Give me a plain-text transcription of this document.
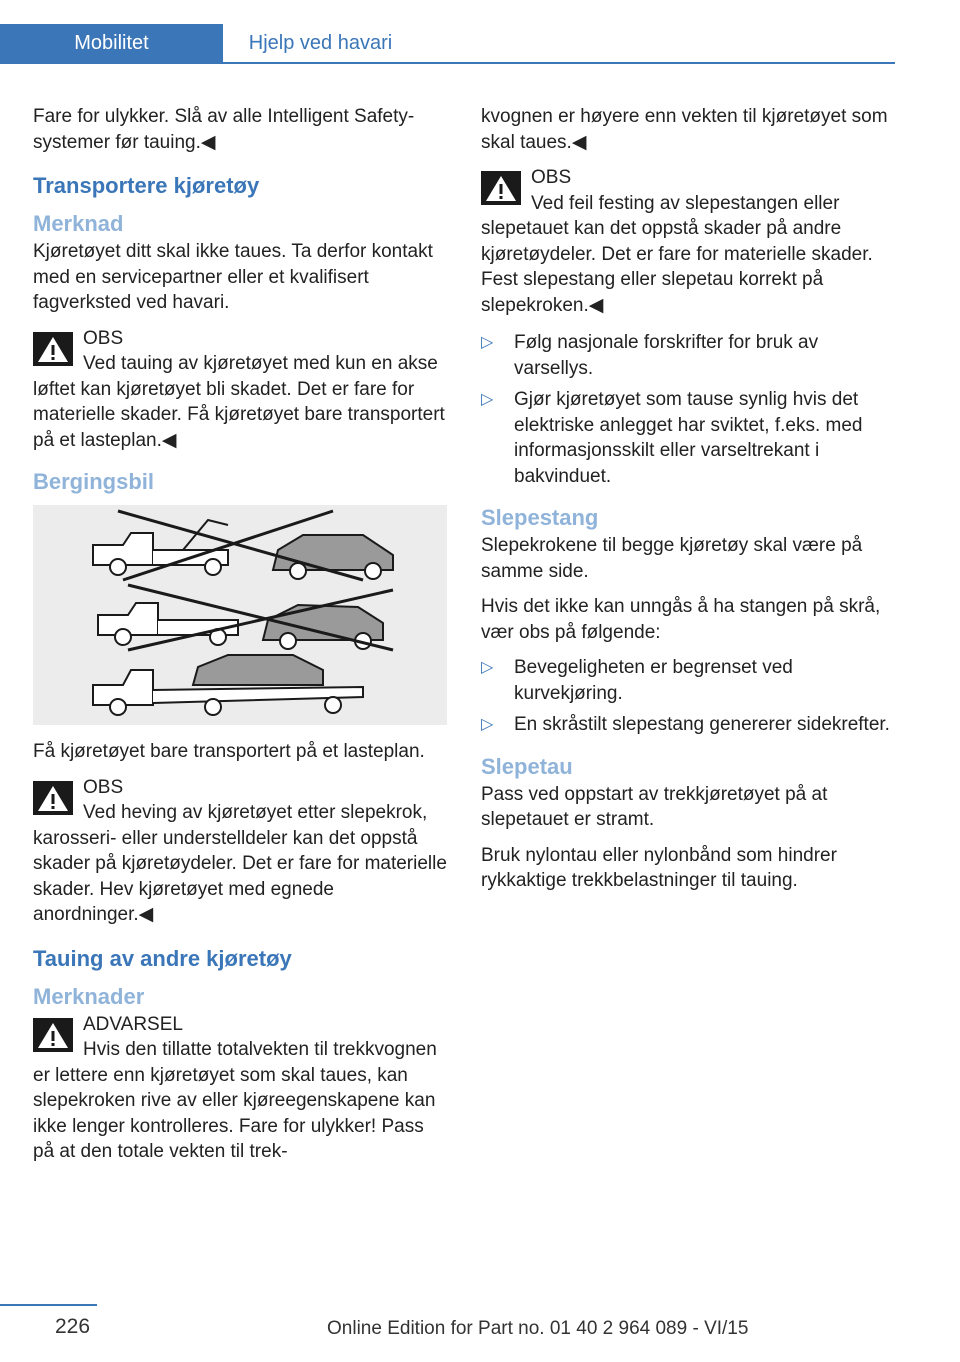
Mobilitet	Hjelp ved havari

Fare for ulykker. Slå av alle Intelligent Safety-systemer før tauing.◀

Transportere kjøretøy
Merknad

Kjøretøyet ditt skal ikke taues. Ta derfor kontakt med en servicepartner eller et kvalifisert fagverksted ved havari.

OBS
Ved tauing av kjøretøyet med kun en akse løftet kan kjøretøyet bli skadet. Det er fare for materielle skader. Få kjøretøyet bare transportert på et lasteplan.◀
Bergingsbil

Få kjøretøyet bare transportert på et lasteplan.

OBS
Ved heving av kjøretøyet etter slepekrok, karosseri- eller understelldeler kan det oppstå skader på kjøretøydeler. Det er fare for materielle skader. Hev kjøretøyet med egnede anordninger.◀
Tauing av andre kjøretøy
Merknader
ADVARSEL
Hvis den tillatte totalvekten til trekkvognen er lettere enn kjøretøyet som skal taues, kan slepekroken rive av eller kjøreegenskapene kan ikke lenger kontrolleres. Fare for ulykker! Pass på at den totale vekten til trek-

kvognen er høyere enn vekten til kjøretøyet som skal taues.◀

OBS
Ved feil festing av slepestangen eller slepetauet kan det oppstå skader på andre kjøretøydeler. Det er fare for materielle skader. Fest slepestang eller slepetau korrekt på slepekroken.◀
▷ Følg nasjonale forskrifter for bruk av varsellys.
▷ Gjør kjøretøyet som tause synlig hvis det elektriske anlegget har sviktet, f.eks. med informasjonsskilt eller varseltrekant i bakvinduet.
Slepestang

Slepekrokene til begge kjøretøy skal være på samme side.

Hvis det ikke kan unngås å ha stangen på skrå, vær obs på følgende:

▷ Bevegeligheten er begrenset ved kurvekjøring.
▷ En skråstilt slepestang genererer sidekrefter.
Slepetau

Pass ved oppstart av trekkjøretøyet på at slepetauet er stramt.

Bruk nylontau eller nylonbånd som hindrer rykkaktige trekkbelastninger til tauing.

226	Online Edition for Part no. 01 40 2 964 089 - VI/15
